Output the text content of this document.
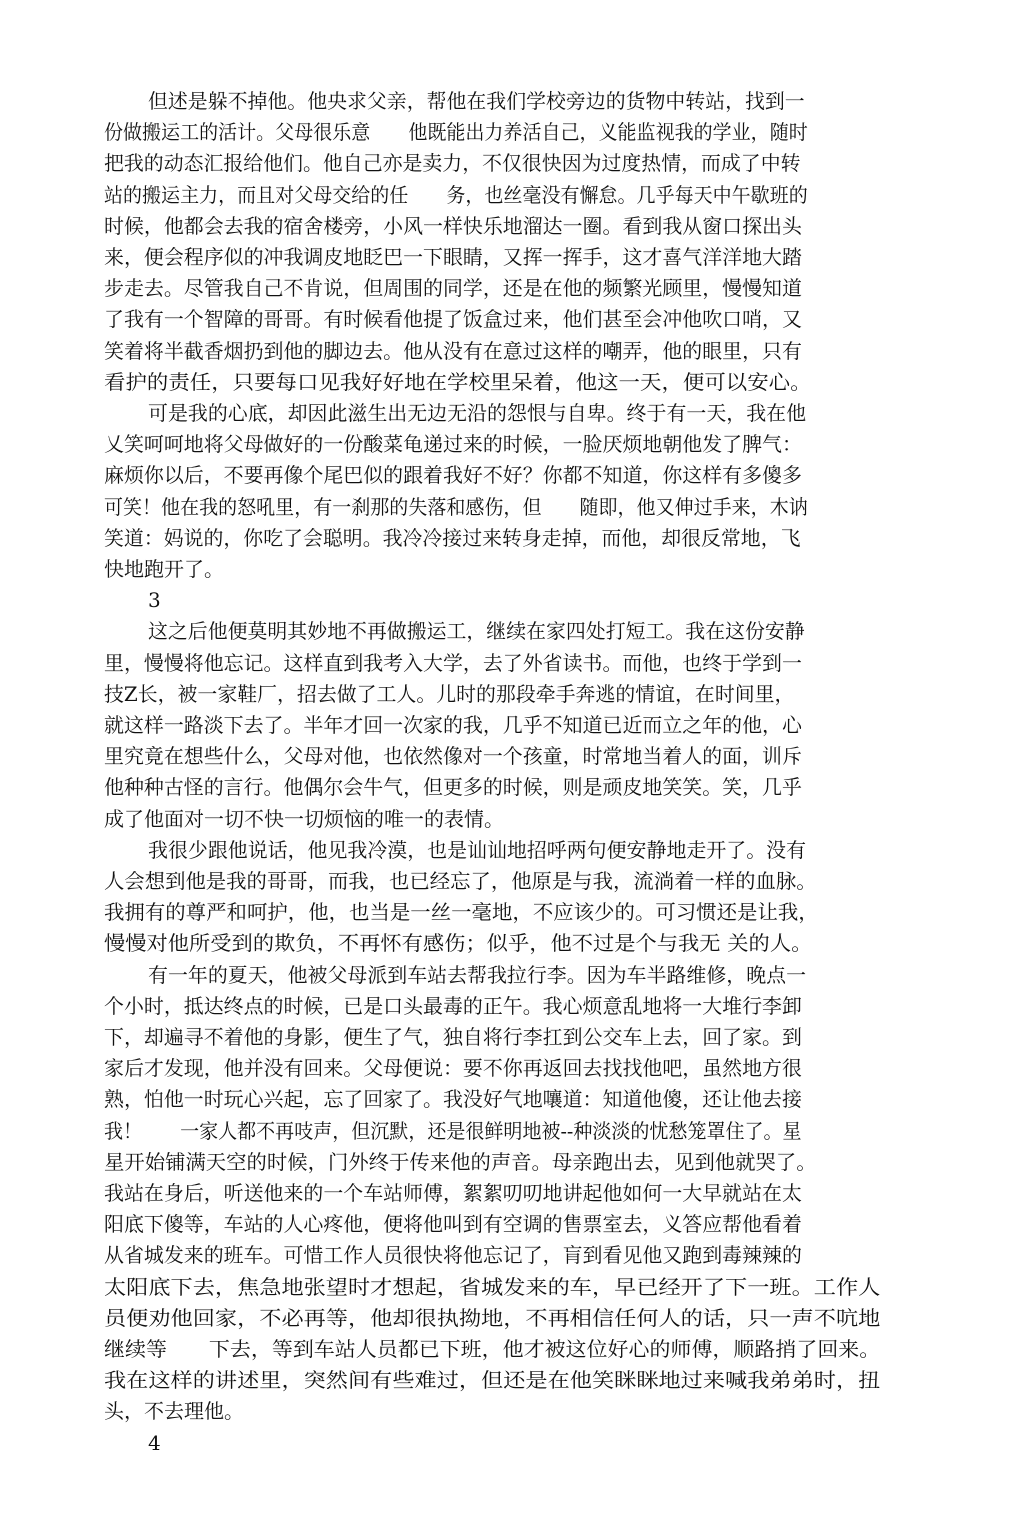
但述是躲不掉他。他央求父亲，帮他在我们学校旁边的货物中转站，找到一
份做搬运工的活计。父母很乐意　　他既能出力养活自己，义能监视我的学业，随时
把我的动态汇报给他们。他自己亦是卖力，不仅很快因为过度热情，而成了中转
站的搬运主力，而且对父母交给的任　　务，也丝毫没有懈怠。几乎每天中午歇班的
时候，他都会去我的宿舍楼旁，小风一样快乐地溜达一圈。看到我从窗口探出头
来，便会程序似的冲我调皮地眨巴一下眼睛，又挥一挥手，这才喜气洋洋地大踏
步走去。尽管我自己不肯说，但周围的同学，还是在他的频繁光顾里，慢慢知道
了我有一个智障的哥哥。有时候看他提了饭盒过来，他们甚至会冲他吹口哨，又
笑着将半截香烟扔到他的脚边去。他从没有在意过这样的嘲弄，他的眼里，只有
看护的责任，只要每口见我好好地在学校里呆着，他这一天，便可以安心。
可是我的心底，却因此滋生出无边无沿的怨恨与自卑。终于有一天，我在他
乂笑呵呵地将父母做好的一份酸菜龟递过来的时候，一脸厌烦地朝他发了脾气：
麻烦你以后，不要再像个尾巴似的跟着我好不好？你都不知道，你这样有多傻多
可笑！他在我的怒吼里，有一刹那的失落和感伤，但　　随即，他又伸过手来，木讷
笑道：妈说的，你吃了会聪明。我冷冷接过来转身走掉，而他，却很反常地，飞
快地跑开了。
3
这之后他便莫明其妙地不再做搬运工，继续在家四处打短工。我在这份安静
里，慢慢将他忘记。这样直到我考入大学，去了外省读书。而他，也终于学到一
技Z长，被一家鞋厂，招去做了工人。儿时的那段牵手奔逃的情谊，在时间里，
就这样一路淡下去了。半年才回一次家的我，几乎不知道已近而立之年的他，心
里究竟在想些什么，父母对他，也依然像对一个孩童，时常地当着人的面，训斥
他种种古怪的言行。他偶尔会牛气，但更多的时候，则是顽皮地笑笑。笑，几乎
成了他面对一切不快一切烦恼的唯一的表情。
我很少跟他说话，他见我冷漠，也是讪讪地招呼两句便安静地走开了。没有
人会想到他是我的哥哥，而我，也已经忘了，他原是与我，流淌着一样的血脉。
我拥有的尊严和呵护，他，也当是一丝一毫地，不应该少的。可习惯还是让我，
慢慢对他所受到的欺负，不再怀有感伤；似乎，他不过是个与我无 关的人。
有一年的夏天，他被父母派到车站去帮我拉行李。因为车半路维修，晚点一
个小时，抵达终点的时候，已是口头最毒的正午。我心烦意乱地将一大堆行李卸
下，却遍寻不着他的身影，便生了气，独自将行李扛到公交车上去，回了家。到
家后才发现，他并没有回来。父母便说：要不你再返回去找找他吧，虽然地方很
熟，怕他一时玩心兴起，忘了回家了。我没好气地嚷道：知道他傻，还让他去接
我！　　一家人都不再吱声，但沉默，还是很鲜明地被--种淡淡的忧愁笼罩住了。星
星开始铺满天空的时候，门外终于传来他的声音。母亲跑出去，见到他就哭了。
我站在身后，听送他来的一个车站师傅，絮絮叨叨地讲起他如何一大早就站在太
阳底下傻等，车站的人心疼他，便将他叫到有空调的售票室去，义答应帮他看着
从省城发来的班车。可惜工作人员很快将他忘记了，肓到看见他又跑到毒辣辣的
太阳底下去，焦急地张望时才想起，省城发来的车，早已经开了下一班。工作人
员便劝他回家，不必再等，他却很执拗地，不再相信任何人的话，只一声不吭地
继续等　　下去，等到车站人员都已下班，他才被这位好心的师傅，顺路捎了回来。
我在这样的讲述里，突然间有些难过，但还是在他笑眯眯地过来喊我弟弟时，扭
头，不去理他。
4
